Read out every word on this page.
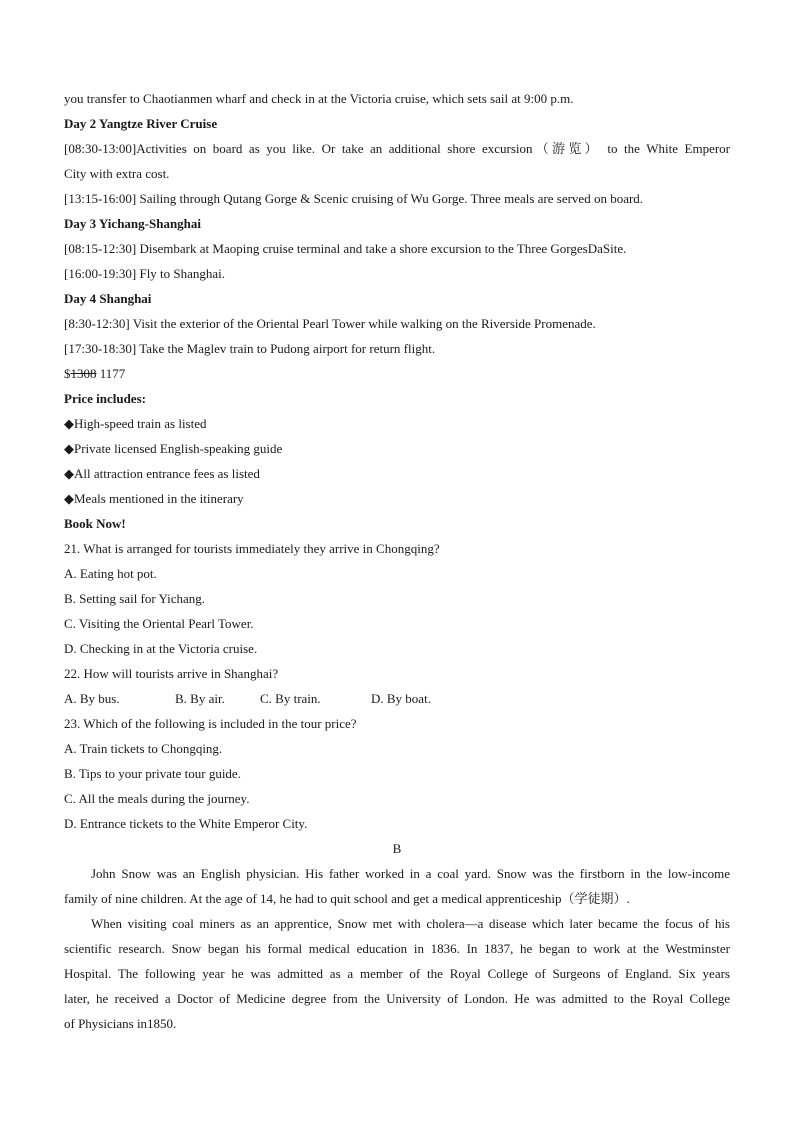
you transfer to Chaotianmen wharf and check in at the Victoria cruise, which sets sail at 9:00 p.m.
Day 2 Yangtze River Cruise
[08:30-13:00]Activities on board as you like. Or take an additional shore excursion（游览） to the White Emperor
City with extra cost.
[13:15-16:00] Sailing through Qutang Gorge & Scenic cruising of Wu Gorge. Three meals are served on board.
Day 3 Yichang-Shanghai
[08:15-12:30] Disembark at Maoping cruise terminal and take a shore excursion to the Three GorgesDaSite.
[16:00-19:30] Fly to Shanghai.
Day 4 Shanghai
[8:30-12:30] Visit the exterior of the Oriental Pearl Tower while walking on the Riverside Promenade.
[17:30-18:30] Take the Maglev train to Pudong airport for return flight.
$1308 1177
Price includes:
◆High-speed train as listed
◆Private licensed English-speaking guide
◆All attraction entrance fees as listed
◆Meals mentioned in the itinerary
Book Now!
21. What is arranged for tourists immediately they arrive in Chongqing?
A. Eating hot pot.
B. Setting sail for Yichang.
C. Visiting the Oriental Pearl Tower.
D. Checking in at the Victoria cruise.
22. How will tourists arrive in Shanghai?
A. By bus.	B. By air.	C. By train.	D. By boat.
23. Which of the following is included in the tour price?
A. Train tickets to Chongqing.
B. Tips to your private tour guide.
C. All the meals during the journey.
D. Entrance tickets to the White Emperor City.
B
John Snow was an English physician. His father worked in a coal yard. Snow was the firstborn in the low-income
family of nine children. At the age of 14, he had to quit school and get a medical apprenticeship（学徒期）.
When visiting coal miners as an apprentice, Snow met with cholera—a disease which later became the focus of his
scientific research. Snow began his formal medical education in 1836. In 1837, he began to work at the Westminster
Hospital. The following year he was admitted as a member of the Royal College of Surgeons of England. Six years
later, he received a Doctor of Medicine degree from the University of London. He was admitted to the Royal College
of Physicians in1850.
